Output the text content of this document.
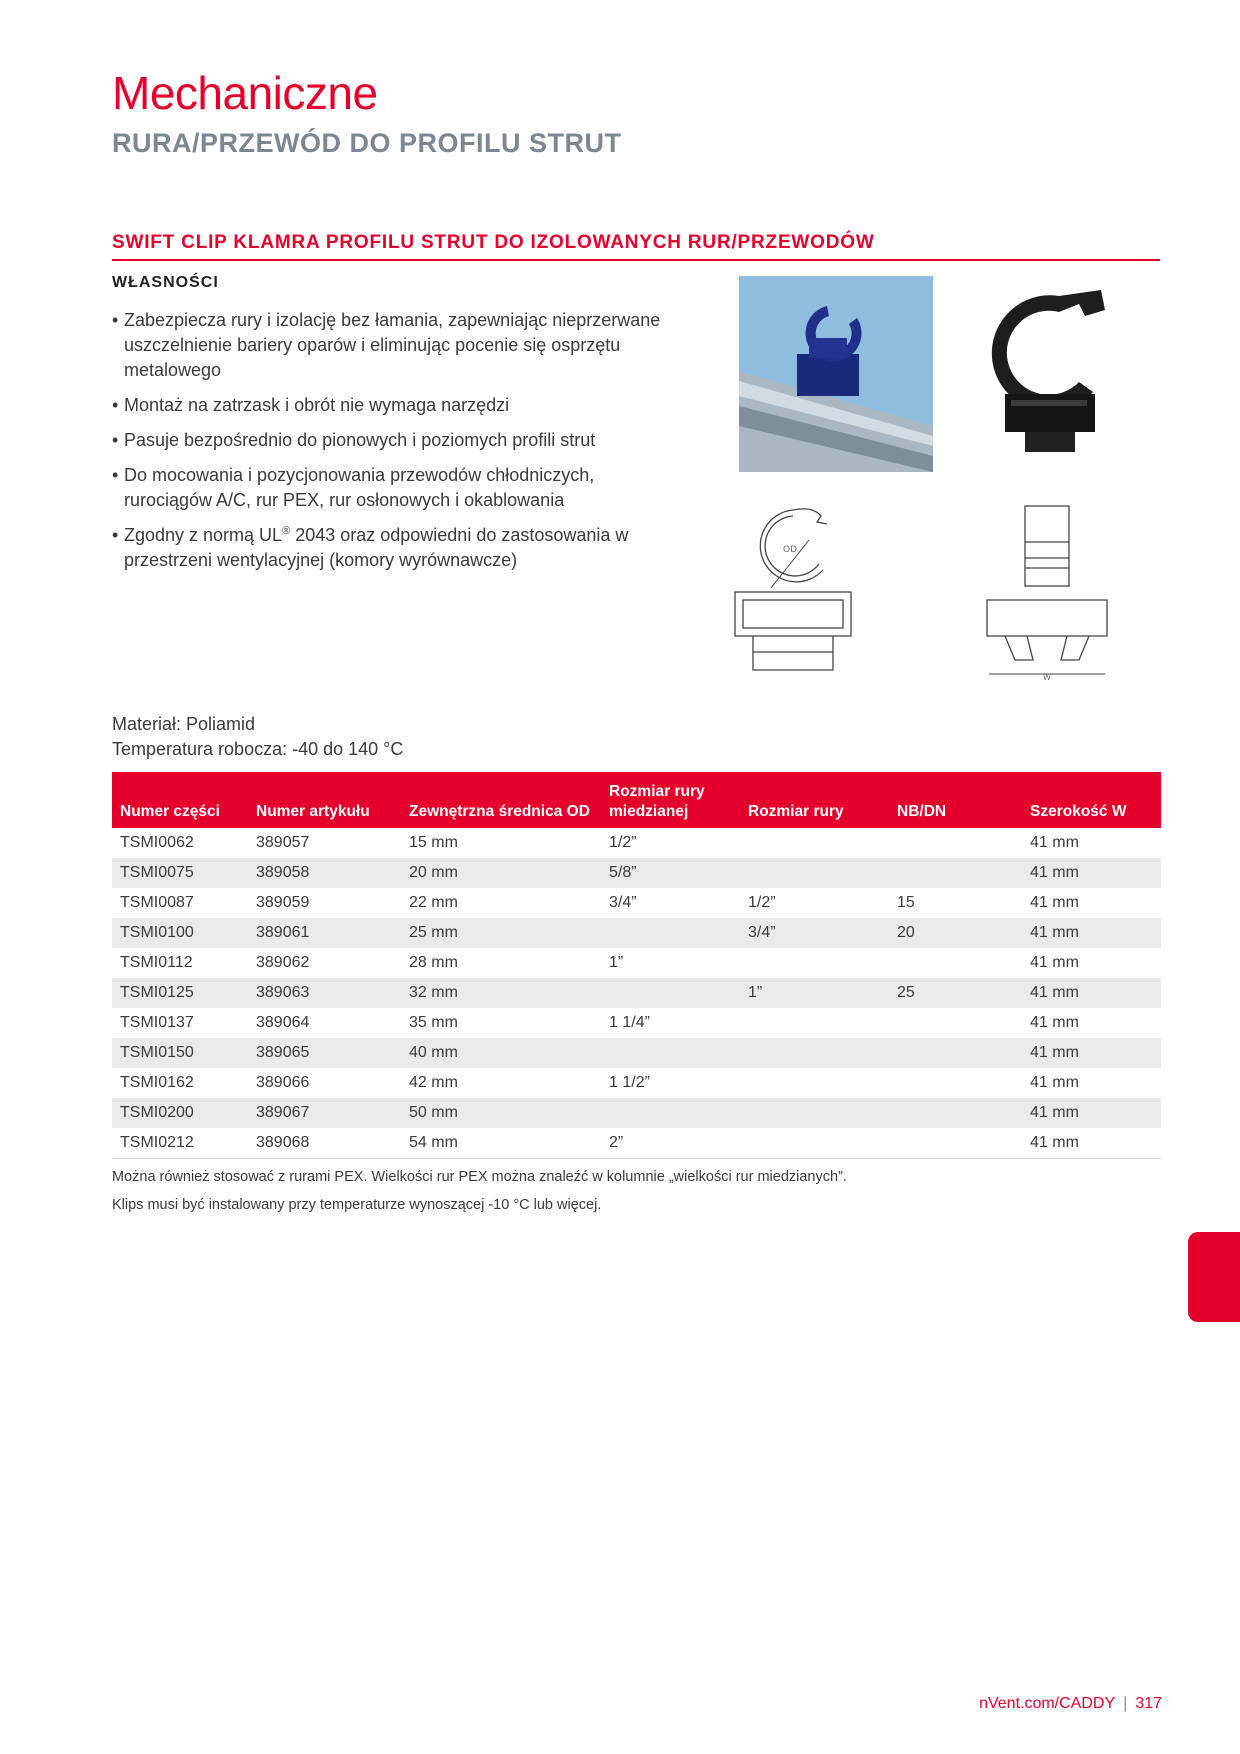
Mechaniczne
RURA/PRZEWÓD DO PROFILU STRUT
SWIFT CLIP KLAMRA PROFILU STRUT DO IZOLOWANYCH RUR/PRZEWODÓW
WŁASNOŚCI
• Zabezpiecza rury i izolację bez łamania, zapewniając nieprzerwane uszczelnienie bariery oparów i eliminując pocenie się osprzętu metalowego
• Montaż na zatrzask i obrót nie wymaga narzędzi
• Pasuje bezpośrednio do pionowych i poziomych profili strut
• Do mocowania i pozycjonowania przewodów chłodniczych, rurociągów A/C, rur PEX, rur osłonowych i okablowania
• Zgodny z normą UL® 2043 oraz odpowiedni do zastosowania w przestrzeni wentylacyjnej (komory wyrównawcze)	OD
W
Materiał: Poliamid
Temperatura robocza: -40 do 140 °C
Numer części	Numer artykułu	Zewnętrzna średnica OD	Rozmiar rury miedzianej	Rozmiar rury	NB/DN	Szerokość W
TSMI0062	389057	15 mm	1/2”			41 mm
TSMI0075	389058	20 mm	5/8”			41 mm
TSMI0087	389059	22 mm	3/4”	1/2”	15	41 mm
TSMI0100	389061	25 mm		3/4”	20	41 mm
TSMI0112	389062	28 mm	1”			41 mm
TSMI0125	389063	32 mm		1”	25	41 mm
TSMI0137	389064	35 mm	1 1/4”			41 mm
TSMI0150	389065	40 mm				41 mm
TSMI0162	389066	42 mm	1 1/2”			41 mm
TSMI0200	389067	50 mm				41 mm
TSMI0212	389068	54 mm	2”			41 mm
Można również stosować z rurami PEX. Wielkości rur PEX można znaleźć w kolumnie „wielkości rur miedzianych”.
Klips musi być instalowany przy temperaturze wynoszącej -10 °C lub więcej.
nVent.com/CADDY | 317
